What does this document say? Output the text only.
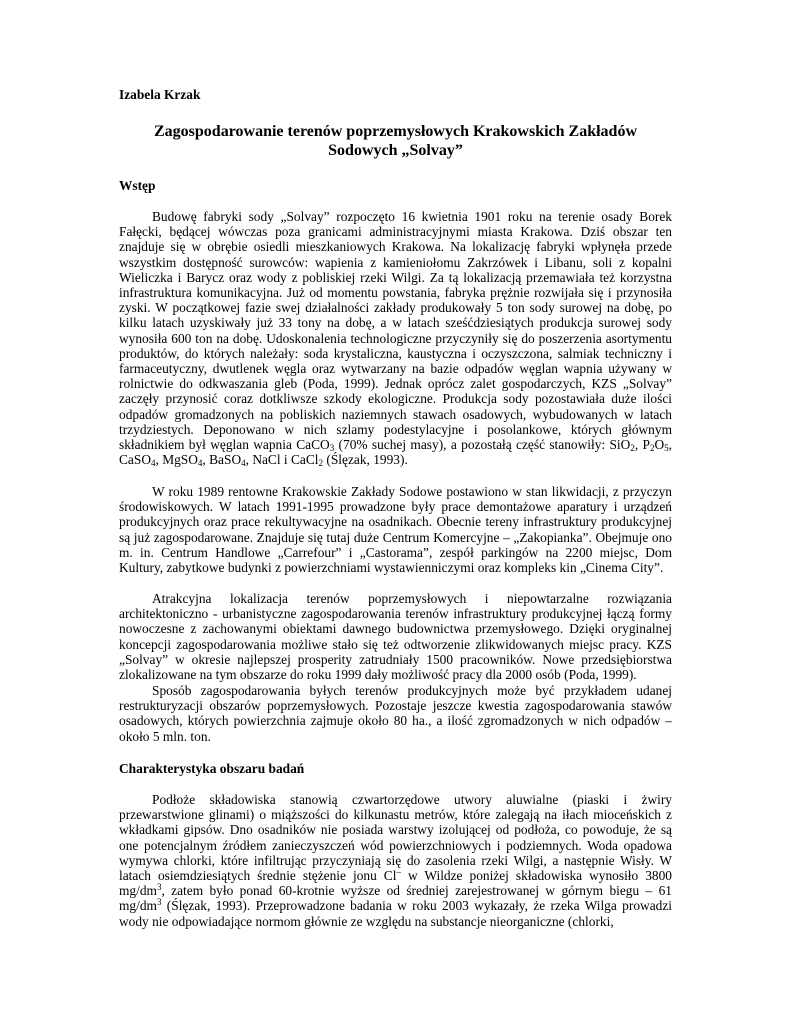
Izabela Krzak
Zagospodarowanie terenów poprzemysłowych Krakowskich Zakładów Sodowych „Solvay”
Wstęp

Budowę fabryki sody „Solvay” rozpoczęto 16 kwietnia 1901 roku na terenie osady Borek Fałęcki, będącej wówczas poza granicami administracyjnymi miasta Krakowa. Dziś obszar ten znajduje się w obrębie osiedli mieszkaniowych Krakowa. Na lokalizację fabryki wpłynęła przede wszystkim dostępność surowców: wapienia z kamieniołomu Zakrzówek i Libanu, soli z kopalni Wieliczka i Barycz oraz wody z pobliskiej rzeki Wilgi. Za tą lokalizacją przemawiała też korzystna infrastruktura komunikacyjna. Już od momentu powstania, fabryka prężnie rozwijała się i przynosiła zyski. W początkowej fazie swej działalności zakłady produkowały 5 ton sody surowej na dobę, po kilku latach uzyskiwały już 33 tony na dobę, a w latach sześćdziesiątych produkcja surowej sody wynosiła 600 ton na dobę. Udoskonalenia technologiczne przyczyniły się do poszerzenia asortymentu produktów, do których należały: soda krystaliczna, kaustyczna i oczyszczona, salmiak techniczny i farmaceutyczny, dwutlenek węgla oraz wytwarzany na bazie odpadów węglan wapnia używany w rolnictwie do odkwaszania gleb (Poda, 1999). Jednak oprócz zalet gospodarczych, KZS „Solvay” zaczęły przynosić coraz dotkliwsze szkody ekologiczne. Produkcja sody pozostawiała duże ilości odpadów gromadzonych na pobliskich naziemnych stawach osadowych, wybudowanych w latach trzydziestych. Deponowano w nich szlamy podestylacyjne i posolankowe, których głównym składnikiem był węglan wapnia CaCO$_3$ (70% suchej masy), a pozostałą część stanowiły: SiO$_2$, $P_2O_5$, CaSO$_4$, MgSO$_4$, BaSO$_4$, NaCl i CaCl$_2$ (Ślęzak, 1993).

W roku 1989 rentowne Krakowskie Zakłady Sodowe postawiono w stan likwidacji, z przyczyn środowiskowych. W latach 1991-1995 prowadzone były prace demontażowe aparatury i urządzeń produkcyjnych oraz prace rekultywacyjne na osadnikach. Obecnie tereny infrastruktury produkcyjnej są już zagospodarowane. Znajduje się tutaj duże Centrum Komercyjne – „Zakopianka”. Obejmuje ono m. in. Centrum Handlowe „Carrefour” i „Castorama”, zespół parkingów na 2200 miejsc, Dom Kultury, zabytkowe budynki z powierzchniami wystawienniczymi oraz kompleks kin „Cinema City”.

Atrakcyjna lokalizacja terenów poprzemysłowych i niepowtarzalne rozwiązania architektoniczno - urbanistyczne zagospodarowania terenów infrastruktury produkcyjnej łączą formy nowoczesne z zachowanymi obiektami dawnego budownictwa przemysłowego. Dzięki oryginalnej koncepcji zagospodarowania możliwe stało się też odtworzenie zlikwidowanych miejsc pracy. KZS „Solvay” w okresie najlepszej prosperity zatrudniały 1500 pracowników. Nowe przedsiębiorstwa zlokalizowane na tym obszarze do roku 1999 dały możliwość pracy dla 2000 osób (Poda, 1999).

Sposób zagospodarowania byłych terenów produkcyjnych może być przykładem udanej restrukturyzacji obszarów poprzemysłowych. Pozostaje jeszcze kwestia zagospodarowania stawów osadowych, których powierzchnia zajmuje około 80 ha., a ilość zgromadzonych w nich odpadów – około 5 mln. ton.

Charakterystyka obszaru badań

Podłoże składowiska stanowią czwartorzędowe utwory aluwialne (piaski i żwiry przewarstwione glinami) o miąższości do kilkunastu metrów, które zalegają na iłach mioceńskich z wkładkami gipsów. Dno osadników nie posiada warstwy izolującej od podłoża, co powoduje, że są one potencjalnym źródłem zanieczyszczeń wód powierzchniowych i podziemnych. Woda opadowa wymywa chlorki, które infiltrując przyczyniają się do zasolenia rzeki Wilgi, a następnie Wisły. W latach osiemdziesiątych średnie stężenie jonu Cl– w Wildze poniżej składowiska wynosiło 3800 $mg/dm^3$, zatem było ponad 60-krotnie wyższe od średniej zarejestrowanej w górnym biegu – 61 $mg/dm^3$ (Ślęzak, 1993). Przeprowadzone badania w roku 2003 wykazały, że rzeka Wilga prowadzi wody nie odpowiadające normom głównie ze względu na substancje nieorganiczne (chlorki,
